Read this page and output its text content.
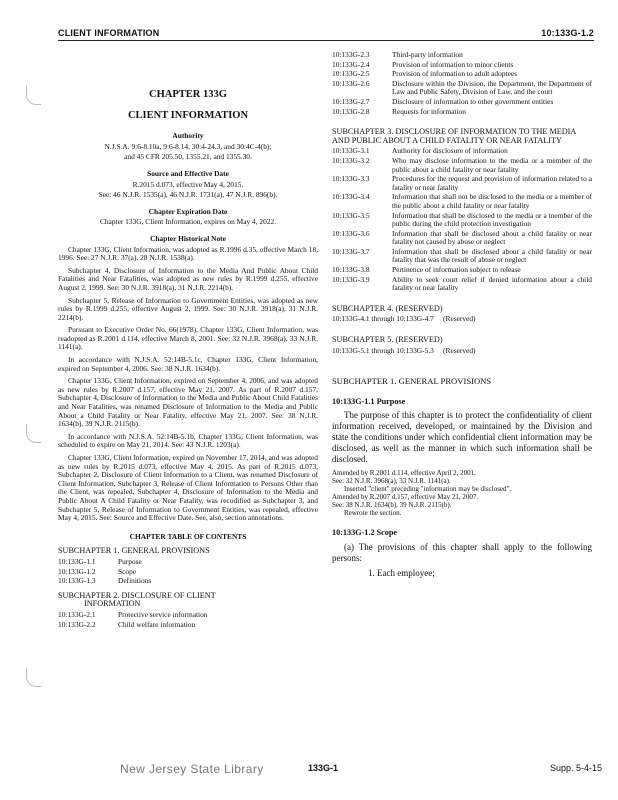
CLIENT INFORMATION	10:133G-1.2
CHAPTER 133G
CLIENT INFORMATION
Authority
N.J.S.A. 9:6-8.10a, 9:6-8.14, 30:4-24.3, and 30:4C-4(b);
and 45 CFR 205.50, 1355.21, and 1355.30.
Source and Effective Date
R.2015 d.073, effective May 4, 2015.
See: 46 N.J.R. 1535(a), 46 N.J.R. 1731(a), 47 N.J.R. 896(b).
Chapter Expiration Date
Chapter 133G, Client Information, expires on May 4, 2022.
Chapter Historical Note
Chapter 133G, Client Information, was adopted as R.1996 d.35, effective March 18, 1996. See: 27 N.J.R. 37(a), 28 N.J.R. 1538(a).
Subchapter 4, Disclosure of Information to the Media And Public About Child Fatalities and Near Fatalities, was adopted as new rules by R.1999 d.255, effective August 2, 1999. See: 30 N.J.R. 3918(a), 31 N.J.R. 2214(b).
Subchapter 5, Release of Information to Government Entities, was adopted as new rules by R.1999 d.255, effective August 2, 1999. See: 30 N.J.R. 3918(a), 31 N.J.R. 2214(b).
Pursuant to Executive Order No. 66(1978), Chapter 133G, Client Information, was readopted as R.2001 d.114, effective March 8, 2001. See: 32 N.J.R. 3968(a), 33 N.J.R. 1141(a).
In accordance with N.J.S.A. 52:14B-5.1c, Chapter 133G, Client Information, expired on September 4, 2006. See: 38 N.J.R. 1634(b).
Chapter 133G, Client Information, expired on September 4, 2006, and was adopted as new rules by R.2007 d.157, effective May 21, 2007. As part of R.2007 d.157, Subchapter 4, Disclosure of Information to the Media and Public About Child Fatalities and Near Fatalities, was renamed Disclosure of Information to the Media and Public About a Child Fatality or Near Fatality, effective May 21, 2007. See: 38 N.J.R. 1634(b), 39 N.J.R. 2115(b).
In accordance with N.J.S.A. 52:14B-5.1b, Chapter 133G, Client Information, was scheduled to expire on May 21, 2014. See: 43 N.J.R. 1203(a).
Chapter 133G, Client Information, expired on November 17, 2014, and was adopted as new rules by R.2015 d.073, effective May 4, 2015. As part of R.2015 d.073, Subchapter 2, Disclosure of Client Information to a Client, was renamed Disclosure of Client Information, Subchapter 3, Release of Client Information to Persons Other than the Client, was repealed, Subchapter 4, Disclosure of Information to the Media and Public About A Child Fatality or Near Fatality, was recodified as Subchapter 3, and Subchapter 5, Release of Information to Government Entities, was repealed, effective May 4, 2015. See: Source and Effective Date. See, also, section annotations.
CHAPTER TABLE OF CONTENTS
SUBCHAPTER 1. GENERAL PROVISIONS
10:133G-1.1	Purpose
10:133G-1.2	Scope
10:133G-1.3	Definitions
SUBCHAPTER 2. DISCLOSURE OF CLIENT
INFORMATION
10:133G-2.1	Protective service information
10:133G-2.2	Child welfare information
10:133G-2.3	Third-party information
10:133G-2.4	Provision of information to minor clients
10:133G-2.5	Provision of information to adult adoptees
10:133G-2.6	Disclosure within the Division, the Department, the Department of Law and Public Safety, Division of Law, and the court
10:133G-2.7	Disclosure of information to other government entities
10:133G-2.8	Requests for information
SUBCHAPTER 3. DISCLOSURE OF INFORMATION TO THE MEDIA AND PUBLIC ABOUT A CHILD FATALITY OR NEAR FATALITY
10:133G-3.1	Authority for disclosure of information
10:133G-3.2	Who may disclose information to the media or a member of the public about a child fatality or near fatality
10:133G-3.3	Procedures for the request and provision of information related to a fatality or near fatality
10:133G-3.4	Information that shall not be disclosed to the media or a member of the public about a child fatality or near fatality
10:133G-3.5	Information that shall be disclosed to the media or a member of the public during the child protection investigation
10:133G-3.6	Information that shall be disclosed about a child fatality or near fatality not caused by abuse or neglect
10:133G-3.7	Information that shall be disclosed about a child fatality or near fatality that was the result of abuse or neglect
10:133G-3.8	Pertinence of information subject to release
10:133G-3.9	Ability to seek court relief if denied information about a child fatality or near fatality
SUBCHAPTER 4. (RESERVED)
10:133G-4.1 through 10:133G-4.7     (Reserved)
SUBCHAPTER 5. (RESERVED)
10:133G-5.1 through 10:133G-5.3     (Reserved)
SUBCHAPTER 1. GENERAL PROVISIONS
10:133G-1.1 Purpose
The purpose of this chapter is to protect the confidentiality of client information received, developed, or maintained by the Division and state the conditions under which confidential client information may be disclosed, as well as the manner in which such information shall be disclosed.
Amended by R.2001 d.114, effective April 2, 2001.
See: 32 N.J.R. 3968(a), 33 N.J.R. 1141(a).
Inserted "client" preceding "information may be disclosed".
Amended by R.2007 d.157, effective May 21, 2007.
See: 38 N.J.R. 1634(b), 39 N.J.R. 2115(b).
Rewrote the section.
10:133G-1.2 Scope
(a) The provisions of this chapter shall apply to the following persons:
1. Each employee;
New Jersey State Library	133G-1	Supp. 5-4-15
